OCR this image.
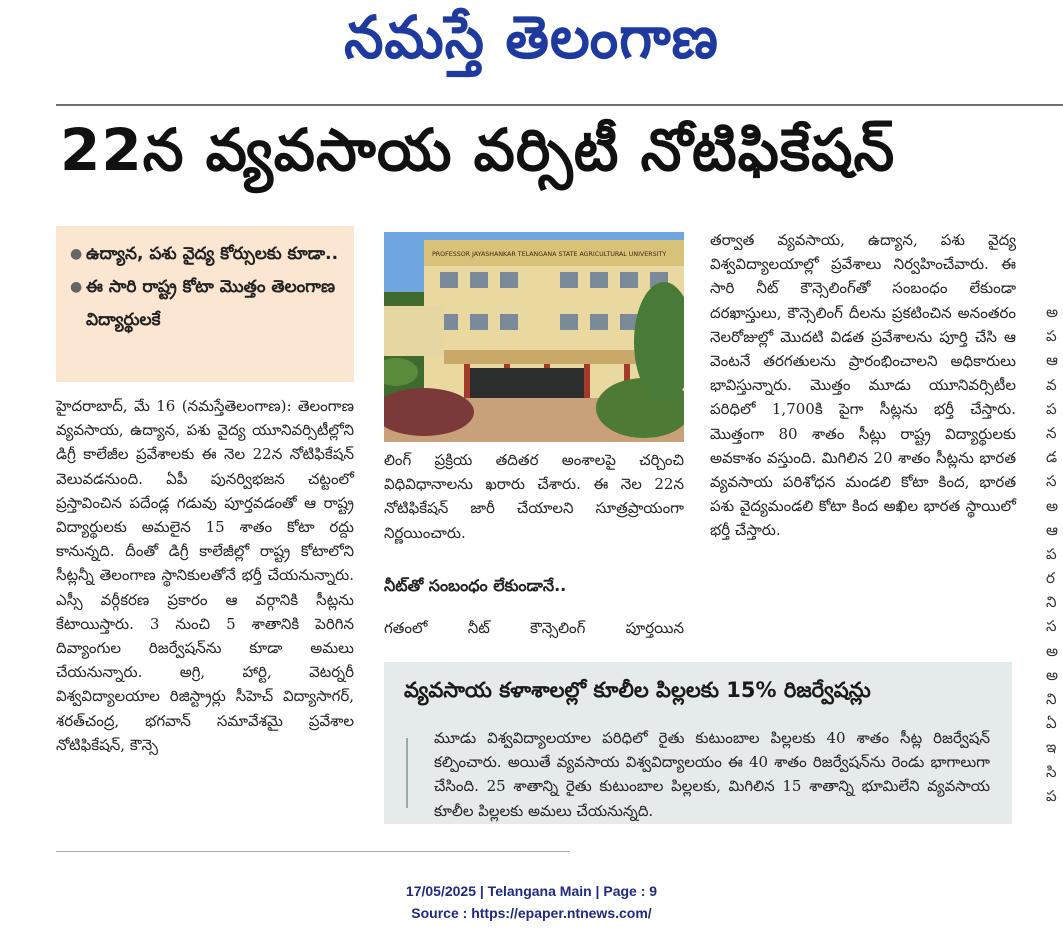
నమస్తే తెలంగాణ
22న వ్యవసాయ వర్సిటీ నోటిఫికేషన్
● ఉద్యాన, పశు వైద్య కోర్సులకు కూడా..
● ఈ సారి రాష్ట్ర కోటా మొత్తం తెలంగాణ విద్యార్థులకే

హైదరాబాద్, మే 16 (నమస్తేతెలంగాణ): తెలంగాణ వ్యవసాయ, ఉద్యాన, పశు వైద్య యూనివర్సిటీల్లోని డిగ్రీ కాలేజీల ప్రవేశాలకు ఈ నెల 22న నోటిఫికేషన్ వెలువడనుంది. ఏపీ పునర్విభజన చట్టంలో ప్రస్తావించిన పదేండ్ల గడువు పూర్తవడంతో ఆ రాష్ట్ర విద్యార్థులకు అమలైన 15 శాతం కోటా రద్దు కానున్నది. దీంతో డిగ్రీ కాలేజీల్లో రాష్ట్ర కోటాలోని సీట్లన్నీ తెలంగాణ స్థానికులతోనే భర్తీ చేయనున్నారు. ఎస్సీ వర్గీకరణ ప్రకారం ఆ వర్గానికి సీట్లను కేటాయిస్తారు. 3 నుంచి 5 శాతానికి పెరిగిన దివ్యాంగుల రిజర్వేషన్‌ను కూడా అమలు చేయనున్నారు. అగ్రి, హార్టి, వెటర్నరీ విశ్వవిద్యాలయాల రిజిస్ట్రార్లు సీహెచ్ విద్యాసాగర్, శరత్‌చంద్ర, భగవాన్ సమావేశమై ప్రవేశాల నోటిఫికేషన్, కౌన్సె

PROFESSOR JAYASHANKAR TELANGANA STATE AGRICULTURAL UNIVERSITY

లింగ్ ప్రక్రియ తదితర అంశాలపై చర్చించి విధివిధానాలను ఖరారు చేశారు. ఈ నెల 22న నోటిఫికేషన్ జారీ చేయాలని సూత్రప్రాయంగా నిర్ణయించారు.

నీట్‌తో సంబంధం లేకుండానే..

గతంలో నీట్ కౌన్సెలింగ్ పూర్తయిన

తర్వాత వ్యవసాయ, ఉద్యాన, పశు వైద్య విశ్వవిద్యాలయాల్లో ప్రవేశాలు నిర్వహించేవారు. ఈ సారి నీట్ కౌన్సెలింగ్‌తో సంబంధం లేకుండా దరఖాస్తులు, కౌన్సెలింగ్ దీలను ప్రకటించిన అనంతరం నెలరోజుల్లో మొదటి విడత ప్రవేశాలను పూర్తి చేసి ఆ వెంటనే తరగతులను ప్రారంభించాలని అధికారులు భావిస్తున్నారు. మొత్తం మూడు యూనివర్సిటీల పరిధిలో 1,700కి పైగా సీట్లను భర్తీ చేస్తారు. మొత్తంగా 80 శాతం సీట్లు రాష్ట్ర విద్యార్థులకు అవకాశం వస్తుంది. మిగిలిన 20 శాతం సీట్లను భారత వ్యవసాయ పరిశోధన మండలి కోటా కింద, భారత పశు వైద్యమండలి కోటా కింద అఖిల భారత స్థాయిలో భర్తీ చేస్తారు.

అ
ప
ఆ
వ
ప
న
డ
స
అ
ఆ
ప
ర
ని
స
అ
అ
ని
ఏ
ఇ
సి
ప
వ్యవసాయ కళాశాలల్లో కూలీల పిల్లలకు 15% రిజర్వేషన్లు
మూడు విశ్వవిద్యాలయాల పరిధిలో రైతు కుటుంబాల పిల్లలకు 40 శాతం సీట్ల రిజర్వేషన్ కల్పించారు. అయితే వ్యవసాయ విశ్వవిద్యాలయం ఈ 40 శాతం రిజర్వేషన్‌ను రెండు భాగాలుగా చేసింది. 25 శాతాన్ని రైతు కుటుంబాల పిల్లలకు, మిగిలిన 15 శాతాన్ని భూమిలేని వ్యవసాయ కూలీల పిల్లలకు అమలు చేయనున్నది.
17/05/2025 | Telangana Main | Page : 9
Source : https://epaper.ntnews.com/
